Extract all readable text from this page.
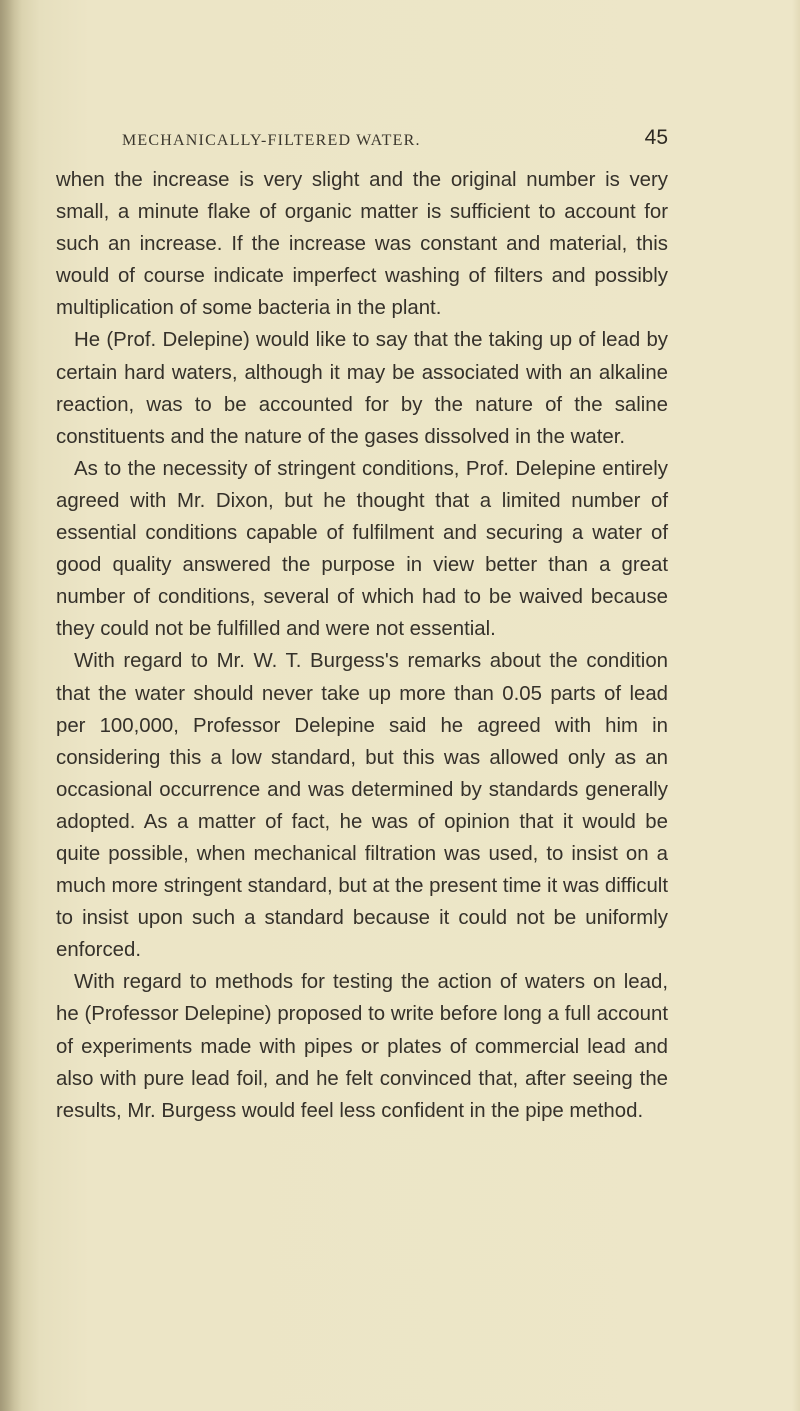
MECHANICALLY-FILTERED WATER.	45

when the increase is very slight and the original number is very small, a minute flake of organic matter is sufficient to account for such an increase. If the increase was constant and material, this would of course indicate imperfect washing of filters and possibly multiplication of some bacteria in the plant.

He (Prof. Delepine) would like to say that the taking up of lead by certain hard waters, although it may be associated with an alkaline reaction, was to be accounted for by the nature of the saline constituents and the nature of the gases dissolved in the water.

As to the necessity of stringent conditions, Prof. Delepine entirely agreed with Mr. Dixon, but he thought that a limited number of essential conditions capable of fulfilment and securing a water of good quality answered the purpose in view better than a great number of conditions, several of which had to be waived because they could not be fulfilled and were not essential.

With regard to Mr. W. T. Burgess's remarks about the condition that the water should never take up more than 0.05 parts of lead per 100,000, Professor Delepine said he agreed with him in considering this a low standard, but this was allowed only as an occasional occurrence and was determined by standards generally adopted. As a matter of fact, he was of opinion that it would be quite possible, when mechanical filtration was used, to insist on a much more stringent standard, but at the present time it was difficult to insist upon such a standard because it could not be uniformly enforced.

With regard to methods for testing the action of waters on lead, he (Professor Delepine) proposed to write before long a full account of experiments made with pipes or plates of commercial lead and also with pure lead foil, and he felt convinced that, after seeing the results, Mr. Burgess would feel less confident in the pipe method.
